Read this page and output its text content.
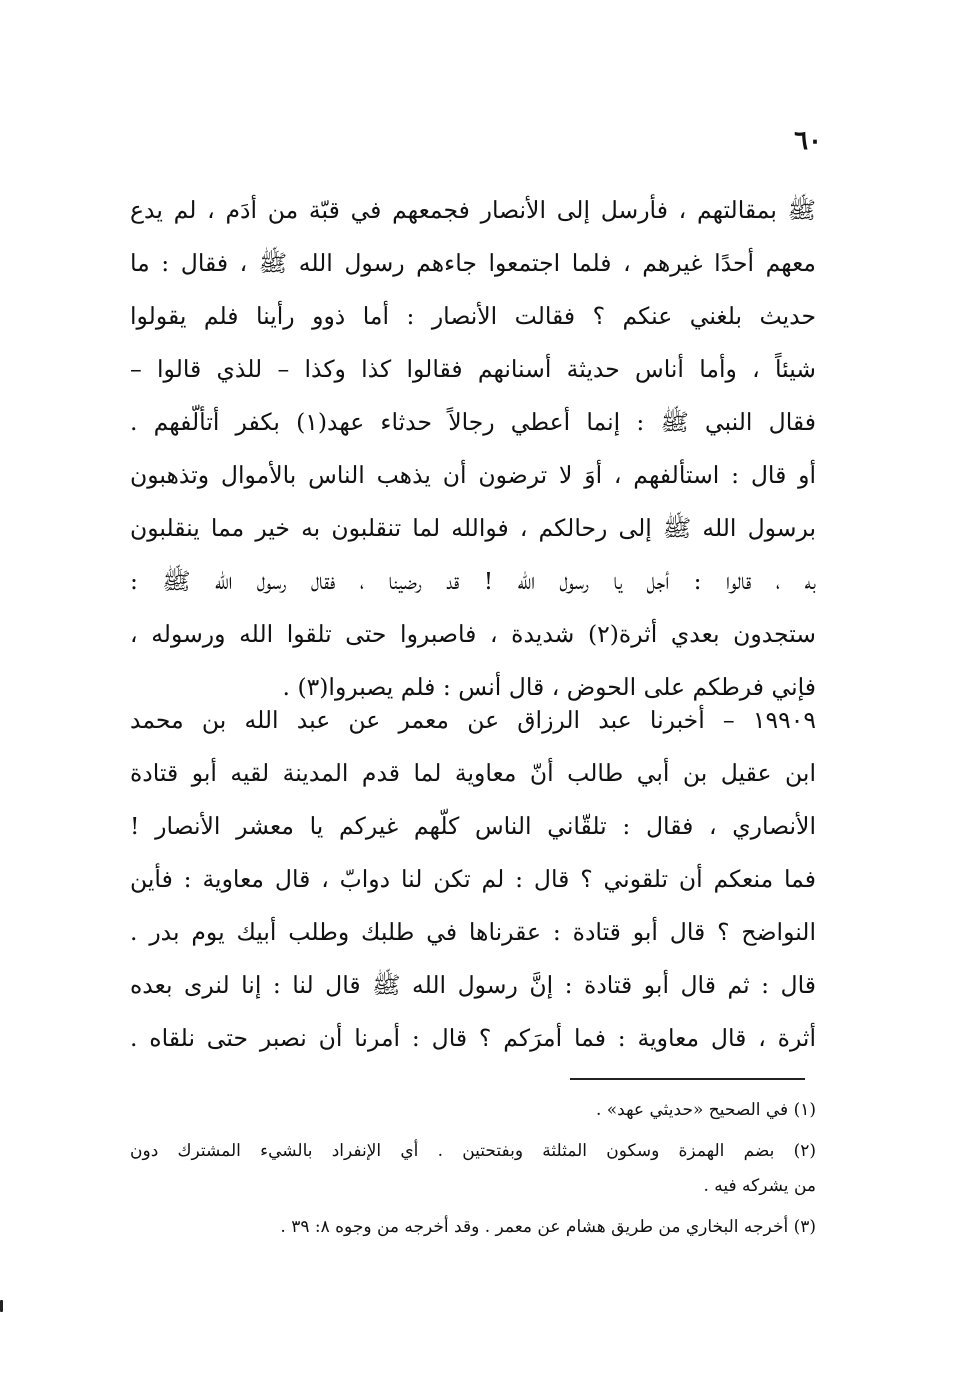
٦٠
ﷺ بمقالتهم ، فأرسل إلى الأنصار فجمعهم في قبّة من أدَم ، لم يدع
معهم أحدًا غيرهم ، فلما اجتمعوا جاءهم رسول الله ﷺ ، فقال : ما
حديث بلغني عنكم ؟ فقالت الأنصار : أما ذوو رأينا فلم يقولوا
شيئاً ، وأما أناس حديثة أسنانهم فقالوا كذا وكذا – للذي قالوا –
فقال النبي ﷺ : إنما أعطي رجالاً حدثاء عهد(١) بكفر أتألّفهم .
أو قال : استألفهم ، أوَ لا ترضون أن يذهب الناس بالأموال وتذهبون
برسول الله ﷺ إلى رحالكم ، فوالله لما تنقلبون به خير مما ينقلبون
به ، قالوا : أجل يا رسول الله ! قد رضينا ، فقال رسول الله ﷺ :
ستجدون بعدي أثرة(٢) شديدة ، فاصبروا حتى تلقوا الله ورسوله ،
فإني فرطكم على الحوض ، قال أنس : فلم يصبروا(٣) .
١٩٩٠٩ – أخبرنا عبد الرزاق عن معمر عن عبد الله بن محمد
ابن عقيل بن أبي طالب أنّ معاوية لما قدم المدينة لقيه أبو قتادة
الأنصاري ، فقال : تلقّاني الناس كلّهم غيركم يا معشر الأنصار !
فما منعكم أن تلقوني ؟ قال : لم تكن لنا دوابّ ، قال معاوية : فأين
النواضح ؟ قال أبو قتادة : عقرناها في طلبك وطلب أبيك يوم بدر .
قال : ثم قال أبو قتادة : إنَّ رسول الله ﷺ قال لنا : إنا لنرى بعده
أثرة ، قال معاوية : فما أمرَكم ؟ قال : أمرنا أن نصبر حتى نلقاه .
(١) في الصحيح «حديثي عهد» .
(٢) بضم الهمزة وسكون المثلثة وبفتحتين . أي الإنفراد بالشيء المشترك دون
من يشركه فيه .
(٣) أخرجه البخاري من طريق هشام عن معمر . وقد أخرجه من وجوه ٨: ٣٩ .
